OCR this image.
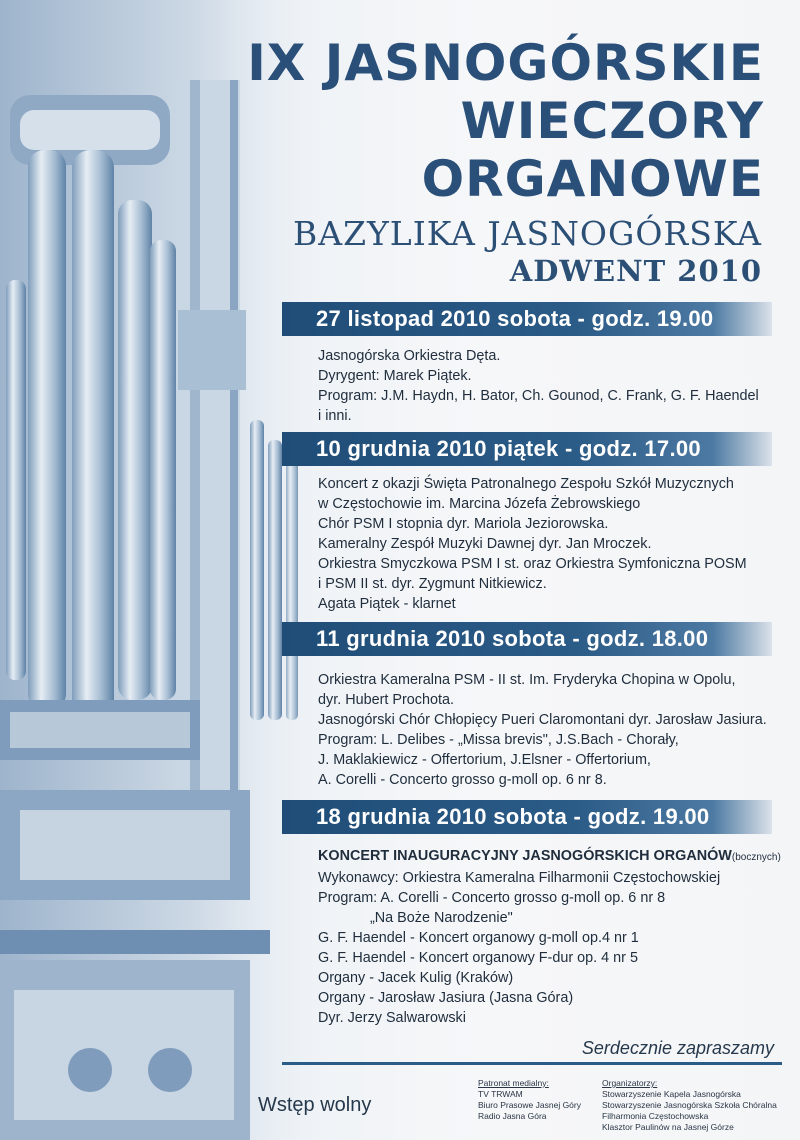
IX JASNOGÓRSKIE
WIECZORY
ORGANOWE
BAZYLIKA JASNOGÓRSKA
ADWENT 2010
27 listopad 2010 sobota - godz. 19.00
Jasnogórska Orkiestra Dęta.
Dyrygent: Marek Piątek.
Program: J.M. Haydn, H. Bator, Ch. Gounod, C. Frank, G. F. Haendel
i inni.
10 grudnia 2010 piątek - godz. 17.00
Koncert z okazji Święta Patronalnego Zespołu Szkół Muzycznych
w Częstochowie im. Marcina Józefa Żebrowskiego
Chór PSM I stopnia dyr. Mariola Jeziorowska.
Kameralny Zespół Muzyki Dawnej dyr. Jan Mroczek.
Orkiestra Smyczkowa PSM I st. oraz Orkiestra Symfoniczna POSM
i PSM II st. dyr. Zygmunt Nitkiewicz.
Agata Piątek - klarnet
11 grudnia 2010 sobota - godz. 18.00
Orkiestra Kameralna PSM - II st. Im. Fryderyka Chopina w Opolu,
dyr. Hubert Prochota.
Jasnogórski Chór Chłopięcy Pueri Claromontani dyr. Jarosław Jasiura.
Program: L. Delibes - „Missa brevis", J.S.Bach - Chorały,
J. Maklakiewicz - Offertorium, J.Elsner - Offertorium,
A. Corelli - Concerto grosso g-moll op. 6 nr 8.
18 grudnia 2010 sobota - godz. 19.00
KONCERT INAUGURACYJNY JASNOGÓRSKICH ORGANÓW(bocznych)
Wykonawcy: Orkiestra Kameralna Filharmonii Częstochowskiej
Program: A. Corelli - Concerto grosso g-moll op. 6 nr 8
„Na Boże Narodzenie"
G. F. Haendel - Koncert organowy g-moll op.4 nr 1
G. F. Haendel - Koncert organowy F-dur op. 4 nr 5
Organy - Jacek Kulig (Kraków)
Organy - Jarosław Jasiura (Jasna Góra)
Dyr. Jerzy Salwarowski
Serdecznie zapraszamy
Wstęp wolny
Patronat medialny:
TV TRWAM
Biuro Prasowe Jasnej Góry
Radio Jasna Góra
Organizatorzy:
Stowarzyszenie Kapela Jasnogórska
Stowarzyszenie Jasnogórska Szkoła Chóralna
Filharmonia Częstochowska
Klasztor Paulinów na Jasnej Górze
